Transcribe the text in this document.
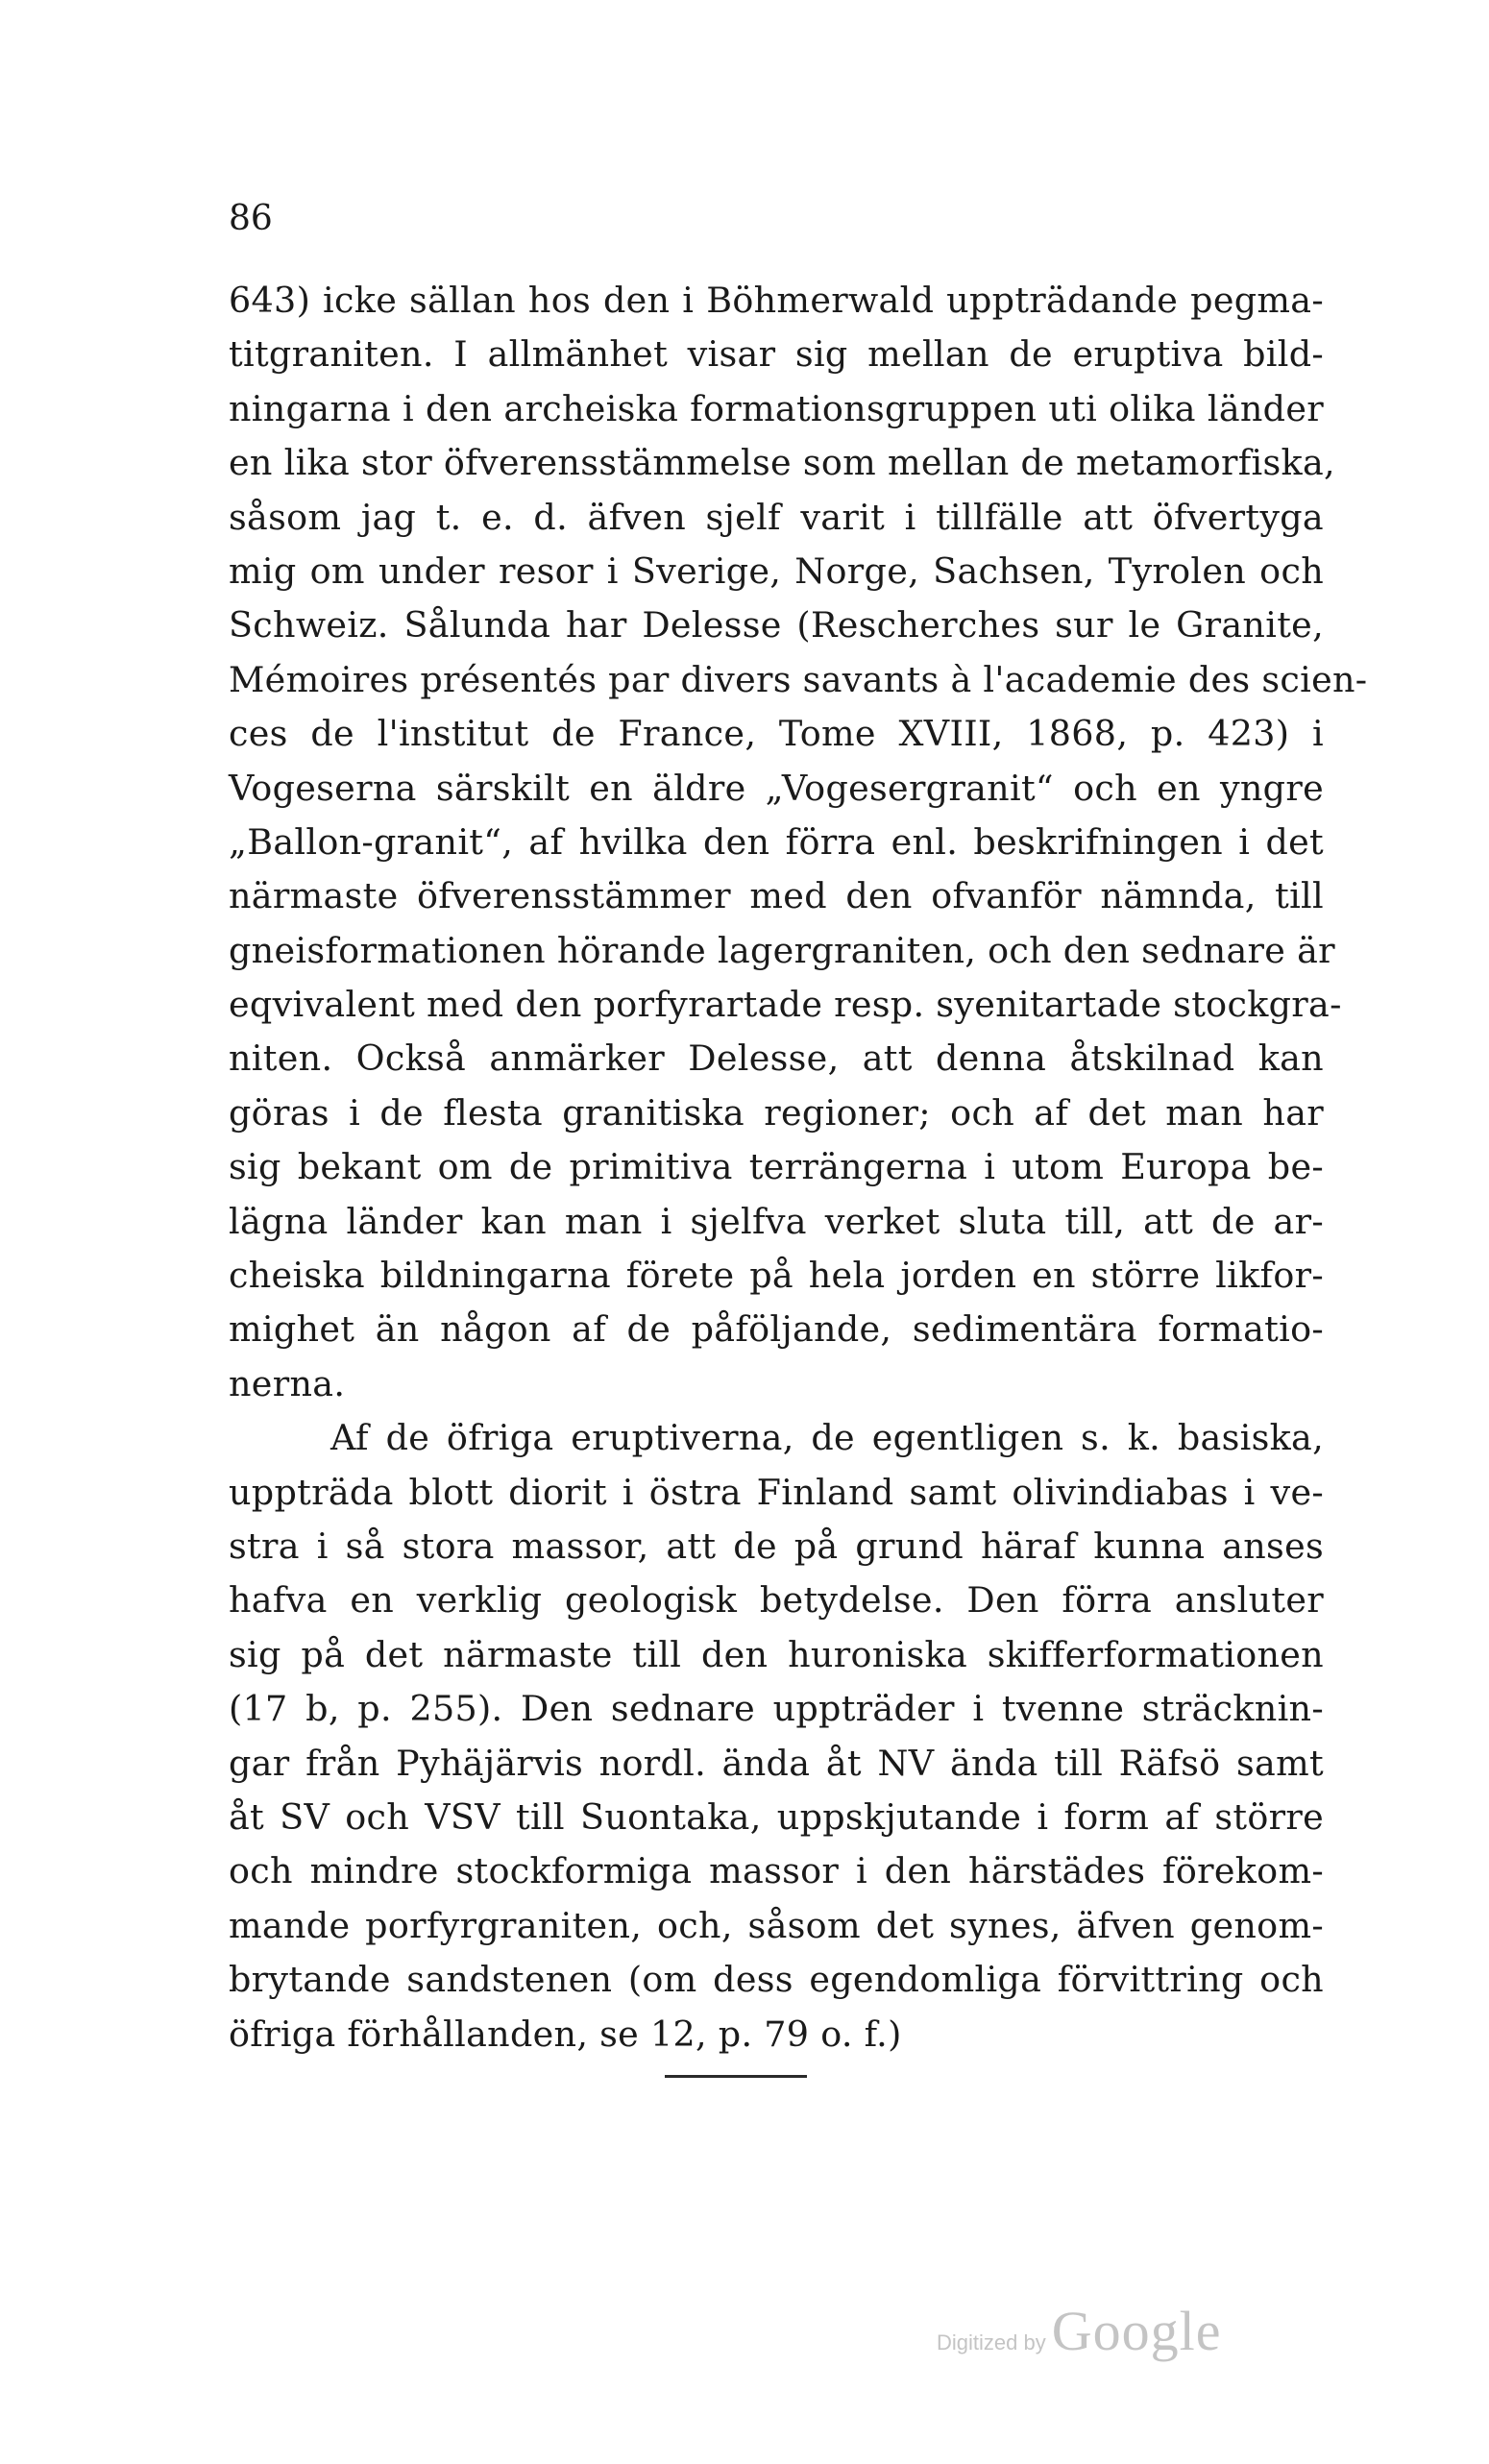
86
643) icke sällan hos den i Böhmerwald uppträdande pegma-
titgraniten. I allmänhet visar sig mellan de eruptiva bild-
ningarna i den archeiska formationsgruppen uti olika länder
en lika stor öfverensstämmelse som mellan de metamorfiska,
såsom jag t. e. d. äfven sjelf varit i tillfälle att öfvertyga
mig om under resor i Sverige, Norge, Sachsen, Tyrolen och
Schweiz. Sålunda har Delesse (Rescherches sur le Granite,
Mémoires présentés par divers savants à l'academie des scien-
ces de l'institut de France, Tome XVIII, 1868, p. 423) i
Vogeserna särskilt en äldre „Vogesergranit“ och en yngre
„Ballon-granit“, af hvilka den förra enl. beskrifningen i det
närmaste öfverensstämmer med den ofvanför nämnda, till
gneisformationen hörande lagergraniten, och den sednare är
eqvivalent med den porfyrartade resp. syenitartade stockgra-
niten. Också anmärker Delesse, att denna åtskilnad kan
göras i de flesta granitiska regioner; och af det man har
sig bekant om de primitiva terrängerna i utom Europa be-
lägna länder kan man i sjelfva verket sluta till, att de ar-
cheiska bildningarna förete på hela jorden en större likfor-
mighet än någon af de påföljande, sedimentära formatio-
nerna.
Af de öfriga eruptiverna, de egentligen s. k. basiska,
uppträda blott diorit i östra Finland samt olivindiabas i ve-
stra i så stora massor, att de på grund häraf kunna anses
hafva en verklig geologisk betydelse. Den förra ansluter
sig på det närmaste till den huroniska skifferformationen
(17 b, p. 255). Den sednare uppträder i tvenne sträcknin-
gar från Pyhäjärvis nordl. ända åt NV ända till Räfsö samt
åt SV och VSV till Suontaka, uppskjutande i form af större
och mindre stockformiga massor i den härstädes förekom-
mande porfyrgraniten, och, såsom det synes, äfven genom-
brytande sandstenen (om dess egendomliga förvittring och
öfriga förhållanden, se 12, p. 79 o. f.)
Digitized by Google
